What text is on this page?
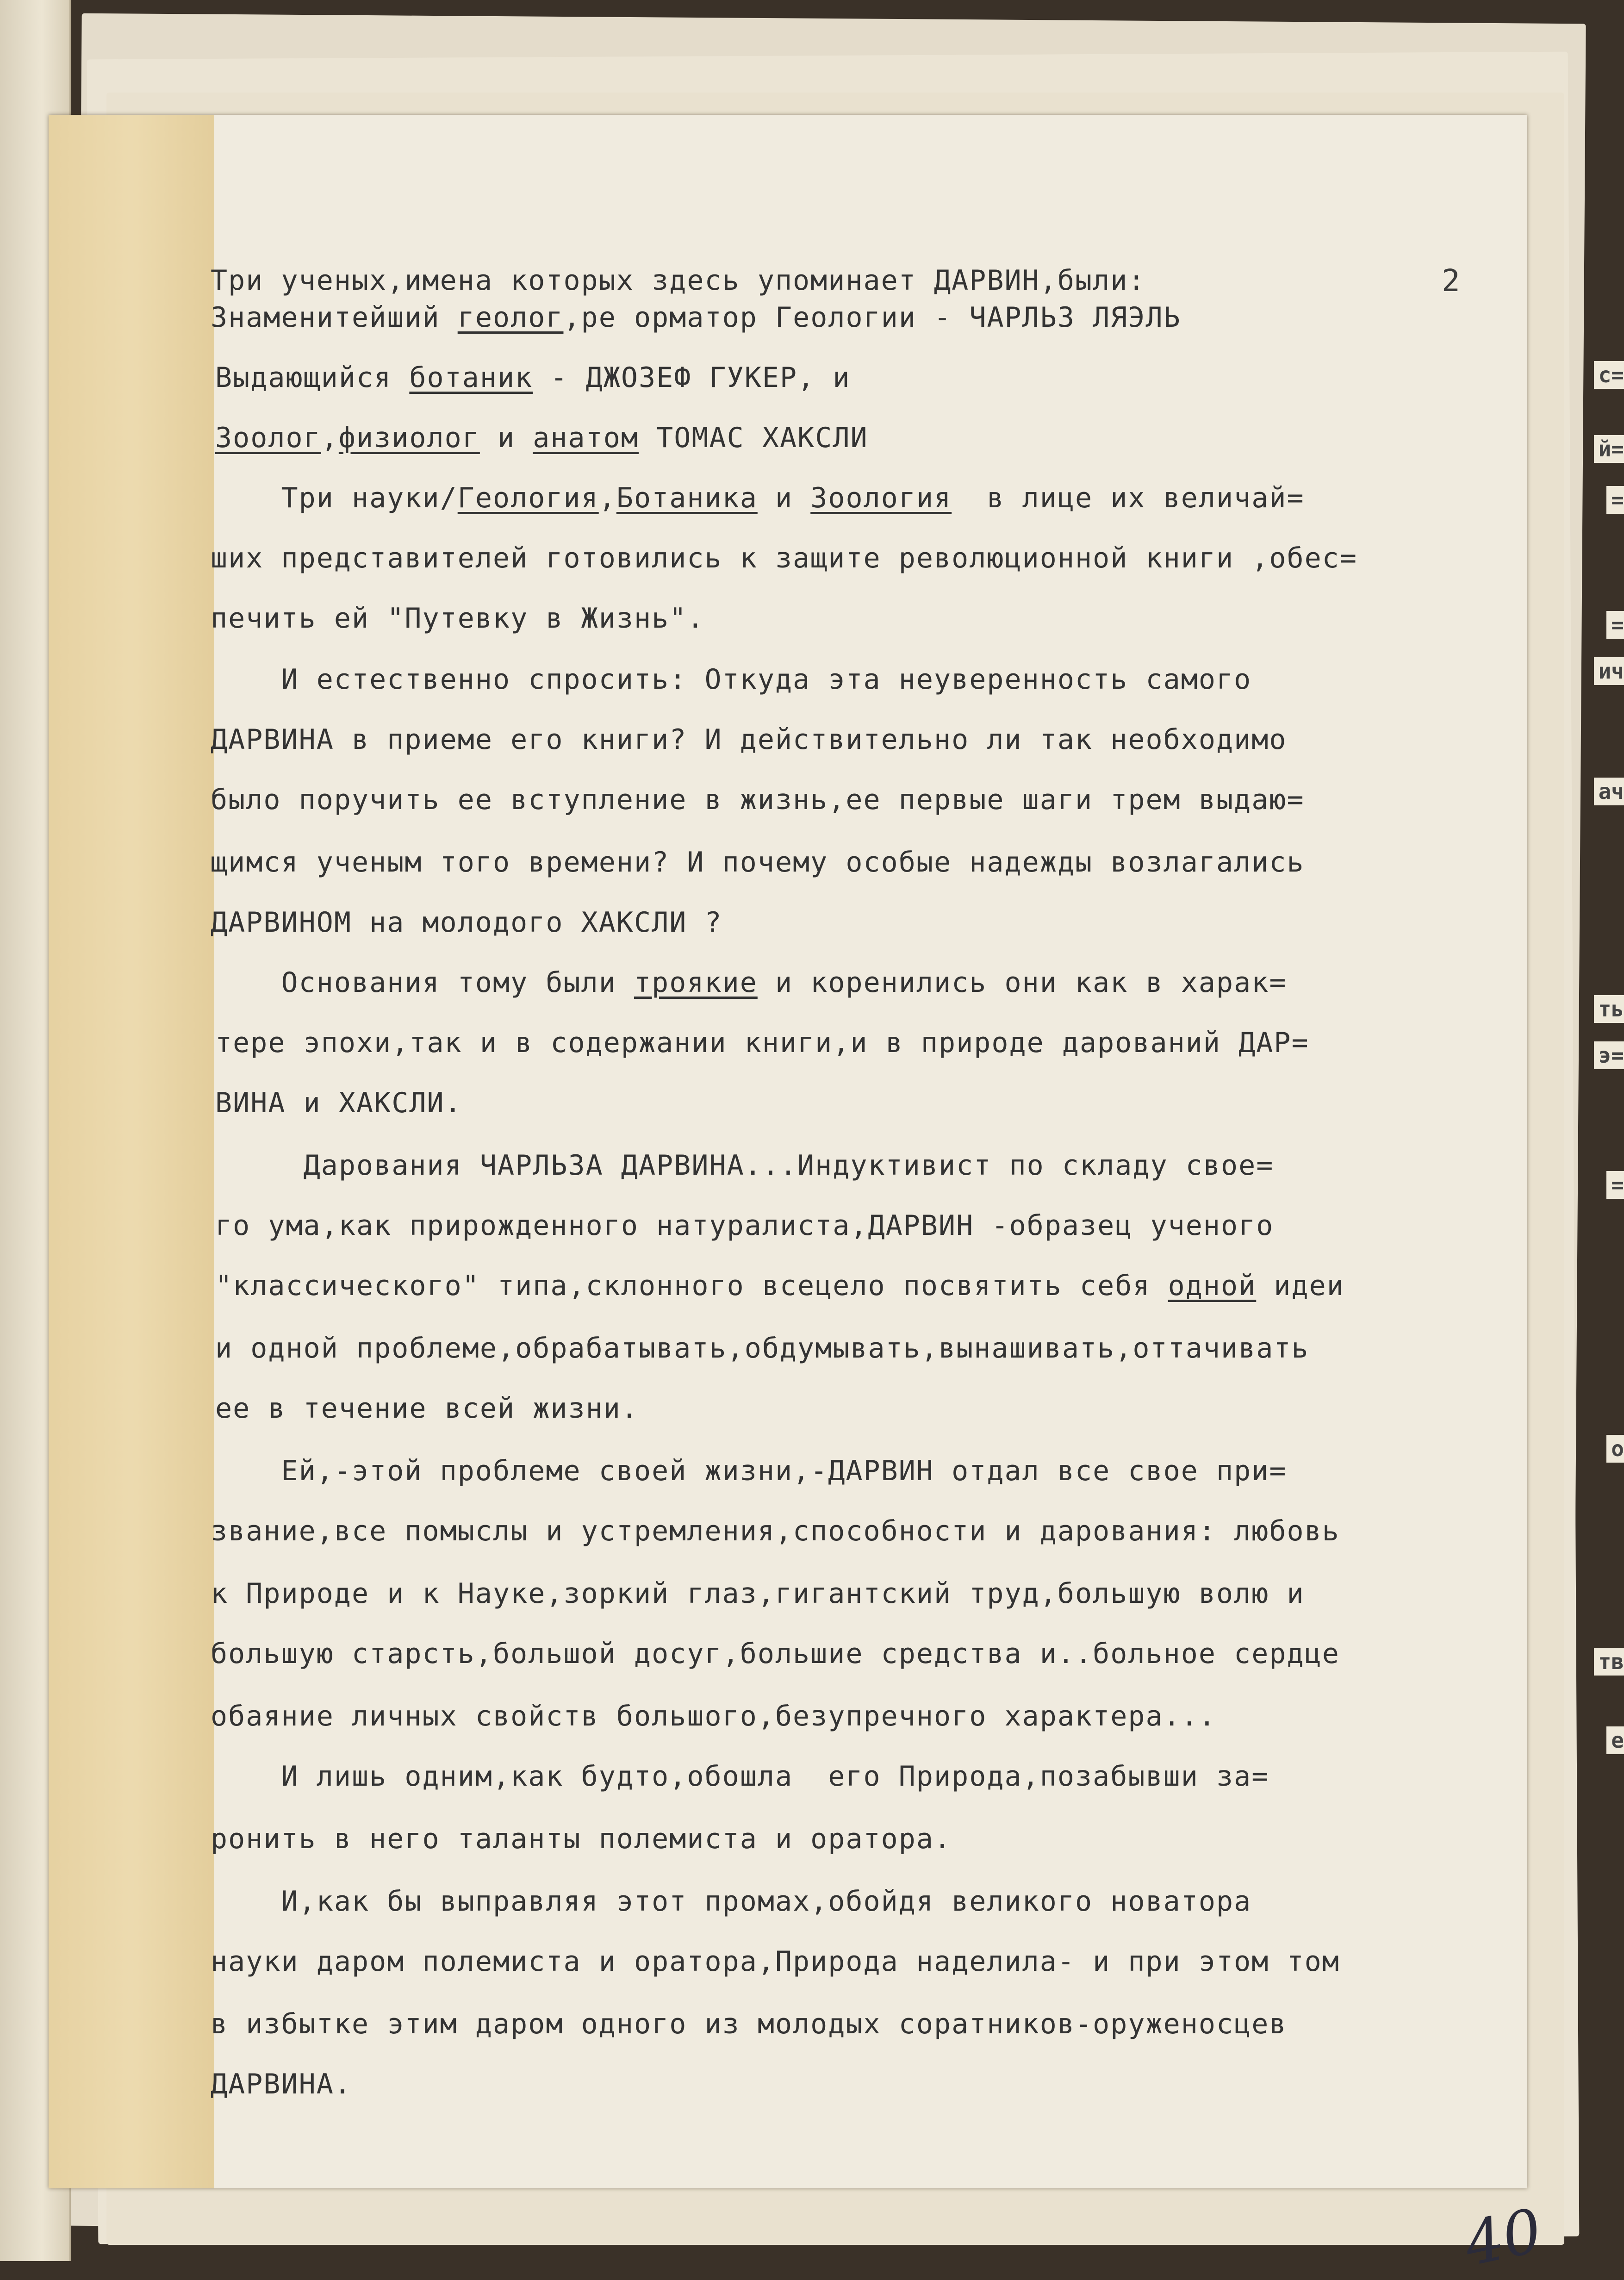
с=
й=
=
=
ич
ач
ть
э=
=
о
тв
е
2
Три ученых,имена которых здесь упоминает ДАРВИН,были:
Знаменитейший геолог,ре орматор Геологии - ЧАРЛЬЗ ЛЯЭЛЬ
Выдающийся ботаник - ДЖОЗЕФ ГУКЕР, и
Зоолог,физиолог и анатом ТОМАС ХАКСЛИ
Три науки/Геология,Ботаника и Зоология  в лице их величай=
ших представителей готовились к защите революционной книги ,обес=
печить ей "Путевку в Жизнь".
И естественно спросить: Откуда эта неуверенность самого
ДАРВИНА в приеме его книги? И действительно ли так необходимо
было поручить ее вступление в жизнь,ее первые шаги трем выдаю=
щимся ученым того времени? И почему особые надежды возлагались
ДАРВИНОМ на молодого ХАКСЛИ ?
Основания тому были троякие и коренились они как в харак=
тере эпохи,так и в содержании книги,и в природе дарований ДАР=
ВИНА и ХАКСЛИ.
Дарования ЧАРЛЬЗА ДАРВИНА...Индуктивист по складу свое=
го ума,как прирожденного натуралиста,ДАРВИН -образец ученого
"классического" типа,склонного всецело посвятить себя одной идеи
и одной проблеме,обрабатывать,обдумывать,вынашивать,оттачивать
ее в течение всей жизни.
Ей,-этой проблеме своей жизни,-ДАРВИН отдал все свое при=
звание,все помыслы и устремления,способности и дарования: любовь
к Природе и к Науке,зоркий глаз,гигантский труд,большую волю и
большую старсть,большой досуг,большие средства и..больное сердце
обаяние личных свойств большого,безупречного характера...
И лишь одним,как будто,обошла  его Природа,позабывши за=
ронить в него таланты полемиста и оратора.
И,как бы выправляя этот промах,обойдя великого новатора
науки даром полемиста и оратора,Природа наделила- и при этом том
в избытке этим даром одного из молодых соратников-оруженосцев
ДАРВИНА.
40
